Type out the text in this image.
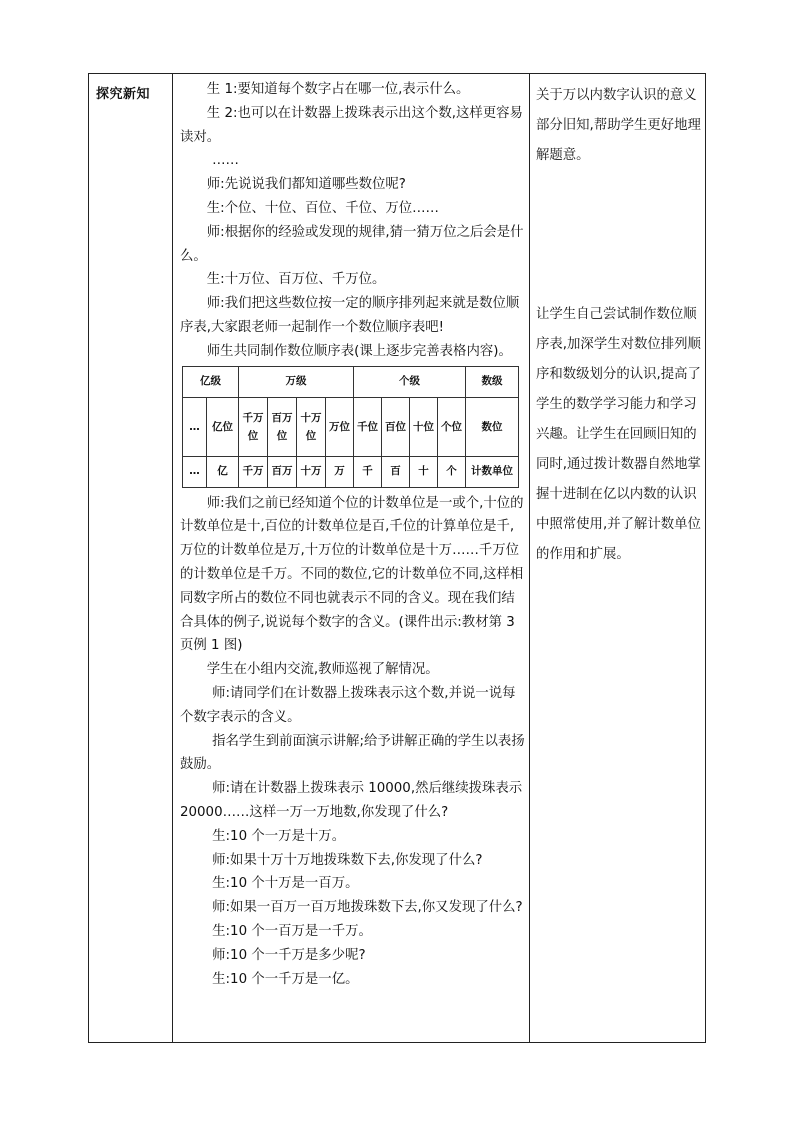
探究新知	生 1:要知道每个数字占在哪一位,表示什么。

生 2:也可以在计数器上拨珠表示出这个数,这样更容易读对。

……

师:先说说我们都知道哪些数位呢?

生:个位、十位、百位、千位、万位……

师:根据你的经验或发现的规律,猜一猜万位之后会是什么。

生:十万位、百万位、千万位。

师:我们把这些数位按一定的顺序排列起来就是数位顺序表,大家跟老师一起制作一个数位顺序表吧!

师生共同制作数位顺序表(课上逐步完善表格内容)。

亿级		万级				个级				数级
…	亿位	千万位	百万位	十万位	万位	千位	百位	十位	个位	数位
…	亿	千万	百万	十万	万	千	百	十	个	计数单位

师:我们之前已经知道个位的计数单位是一或个,十位的计数单位是十,百位的计数单位是百,千位的计算单位是千,万位的计数单位是万,十万位的计数单位是十万……千万位的计数单位是千万。不同的数位,它的计数单位不同,这样相同数字所占的数位不同也就表示不同的含义。现在我们结合具体的例子,说说每个数字的含义。(课件出示:教材第 3 页例 1 图)

学生在小组内交流,教师巡视了解情况。

师:请同学们在计数器上拨珠表示这个数,并说一说每个数字表示的含义。

指名学生到前面演示讲解;给予讲解正确的学生以表扬鼓励。

师:请在计数器上拨珠表示 10000,然后继续拨珠表示 20000……这样一万一万地数,你发现了什么?

生:10 个一万是十万。

师:如果十万十万地拨珠数下去,你发现了什么?

生:10 个十万是一百万。

师:如果一百万一百万地拨珠数下去,你又发现了什么?

生:10 个一百万是一千万。

师:10 个一千万是多少呢?

生:10 个一千万是一亿。

关于万以内数字认识的意义部分旧知,帮助学生更好地理解题意。
让学生自己尝试制作数位顺序表,加深学生对数位排列顺序和数级划分的认识,提高了学生的数学学习能力和学习兴趣。让学生在回顾旧知的同时,通过拨计数器自然地掌握十进制在亿以内数的认识中照常使用,并了解计数单位的作用和扩展。
